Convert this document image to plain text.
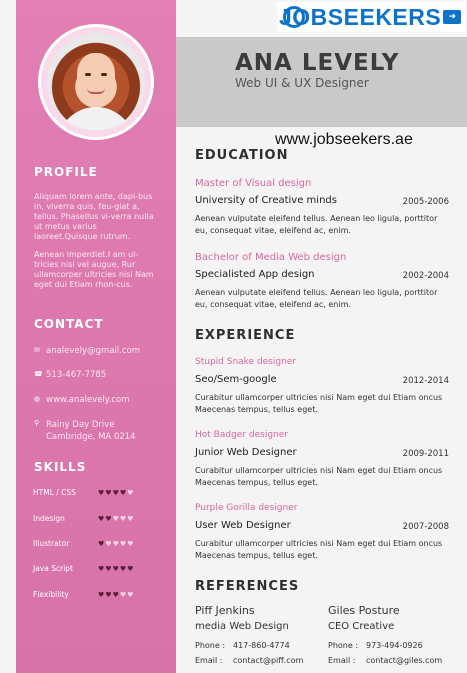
PROFILE
Aliquam lorem ante, dapi-bus in, viverra quis, feu-giat a, tellus. Phasellus vi-verra nulla ut metus varius laoreet.Quisque rutrum.
Aenean imperdiet.I am ul-tricies nisi vel augue, Rur ullamcorper ultricies nisi Nam eget dui Etiam rhon-cus.
CONTACT
✉ analevely@gmail.com
☎ 513-467-7785
◍ www.analevely.com
⚲ Rainy Day Drive
Cambridge, MA 0214
SKILLS
HTML / CSS	♥♥♥♥♥
Indesign	♥♥♥♥♥
Illustrator	♥♥♥♥♥
Java Script	♥♥♥♥♥
Flexibility	♥♥♥♥♥
JOBSEEKERS ➜
ANA LEVELY
Web UI & UX Designer
www.jobseekers.ae
EDUCATION
Master of Visual design
University of Creative minds	2005-2006
Aenean vulputate eleifend tellus. Aenean leo ligula, porttitor eu, consequat vitae, eleifend ac, enim.
Bachelor of Media Web design
Specialisted App design	2002-2004
Aenean vulputate eleifend tellus. Aenean leo ligula, porttitor eu, consequat vitae, eleifend ac, enim.
EXPERIENCE
Stupid Snake designer
Seo/Sem-google	2012-2014
Curabitur ullamcorper ultricies nisi Nam eget dui Etiam oncus Maecenas tempus, tellus eget.
Hot Badger designer
Junior Web Designer	2009-2011
Curabitur ullamcorper ultricies nisi Nam eget dui Etiam oncus Maecenas tempus, tellus eget.
Purple Gorilla designer
User Web Designer	2007-2008
Curabitur ullamcorper ultricies nisi Nam eget dui Etiam oncus Maecenas tempus, tellus eget.
REFERENCES
Piff Jenkins
media Web Design
Phone : 417-860-4774
Email : contact@piff.com
Giles Posture
CEO Creative
Phone : 973-494-0926
Email : contact@giles.com
